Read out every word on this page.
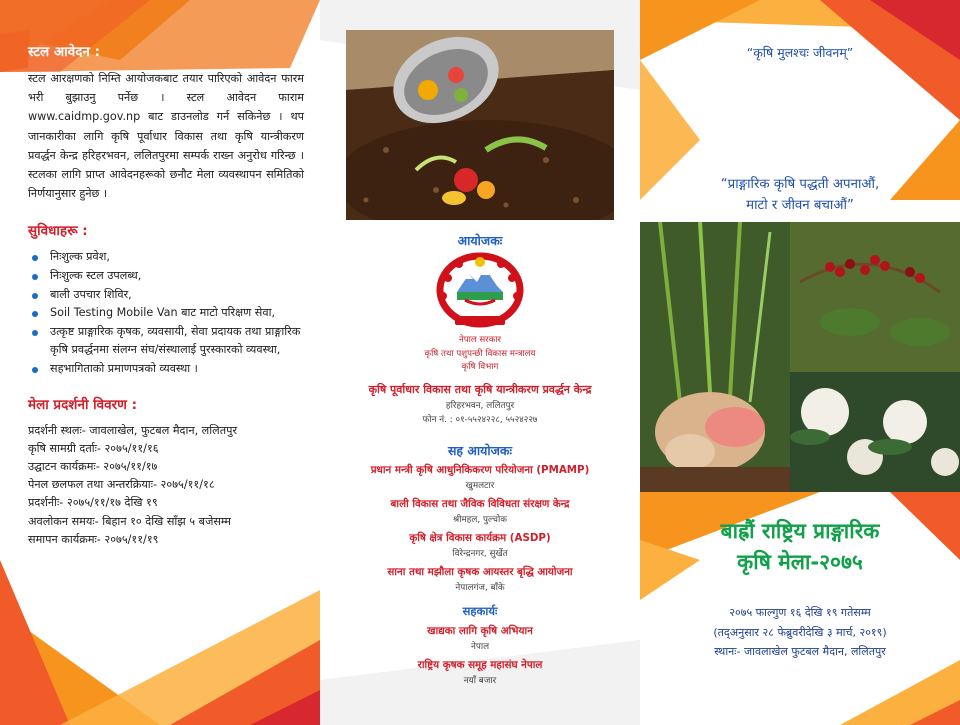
स्टल आवेदन :

स्टल आरक्षणको निम्ति आयोजकबाट तयार पारिएको आवेदन फारम भरी बुझाउनु पर्नेछ । स्टल आवेदन फाराम www.caidmp.gov.np बाट डाउनलोड गर्न सकिनेछ । थप जानकारीका लागि कृषि पूर्वाधार विकास तथा कृषि यान्त्रीकरण प्रवर्द्धन केन्द्र हरिहरभवन, ललितपुरमा सम्पर्क राख्न अनुरोध गरिन्छ । स्टलका लागि प्राप्त आवेदनहरूको छनौट मेला व्यवस्थापन समितिको निर्णयानुसार हुनेछ ।

सुविधाहरू :
निःशुल्क प्रवेश,
निःशुल्क स्टल उपलब्ध,
बाली उपचार शिविर,
Soil Testing Mobile Van बाट माटो परिक्षण सेवा,
उत्कृष्ट प्राङ्गारिक कृषक, व्यवसायी, सेवा प्रदायक तथा प्राङ्गारिक कृषि प्रवर्द्धनमा संलग्न संघ/संस्थालाई पुरस्कारको व्यवस्था,
सहभागिताको प्रमाणपत्रको व्यवस्था ।
मेला प्रदर्शनी विवरण :
प्रदर्शनी स्थलः- जावलाखेल, फुटबल मैदान, ललितपुर
कृषि सामग्री दर्ताः- २०७५/११/१६
उद्घाटन कार्यक्रमः- २०७५/११/१७
पेनल छलफल तथा अन्तरक्रियाः- २०७५/११/१८
प्रदर्शनीः- २०७५/११/१७ देखि १९
अवलोकन समयः- बिहान १० देखि साँझ ५ बजेसम्म
समापन कार्यक्रमः- २०७५/११/१९
आयोजकः
नेपाल सरकार
कृषि तथा पशुपन्छी विकास मन्त्रालय
कृषि विभाग
कृषि पूर्वाधार विकास तथा कृषि यान्त्रीकरण प्रवर्द्धन केन्द्र
हरिहरभवन, ललितपुर
फोन नं. : ०१-५५२४२२८, ५५२४२२७
सह आयोजकः
प्रधान मन्त्री कृषि आधुनिकिकरण परियोजना (PMAMP)
खुमलटार
बाली विकास तथा जैविक विविधता संरक्षण केन्द्र
श्रीमहल, पुल्चोक
कृषि क्षेत्र विकास कार्यक्रम (ASDP)
विरेन्द्रनगर, सुर्खेत
साना तथा मझौला कृषक आयस्तर बृद्धि आयोजना
नेपालगंज, बाँके
सहकार्यः
खाद्यका लागि कृषि अभियान
नेपाल
राष्ट्रिय कृषक समूह महासंघ नेपाल
नयाँ बजार
“कृषि मुलश्चः जीवनम्”
“प्राङ्गारिक कृषि पद्धती अपनाऔं,
माटो र जीवन बचाऔं”
बाह्रौं राष्ट्रिय प्राङ्गारिक
कृषि मेला-२०७५
२०७५ फाल्गुण १६ देखि १९ गतेसम्म
(तद्अनुसार २८ फेब्रुवरीदेखि ३ मार्च, २०१९)
स्थानः- जावलाखेल फुटबल मैदान, ललितपुर
